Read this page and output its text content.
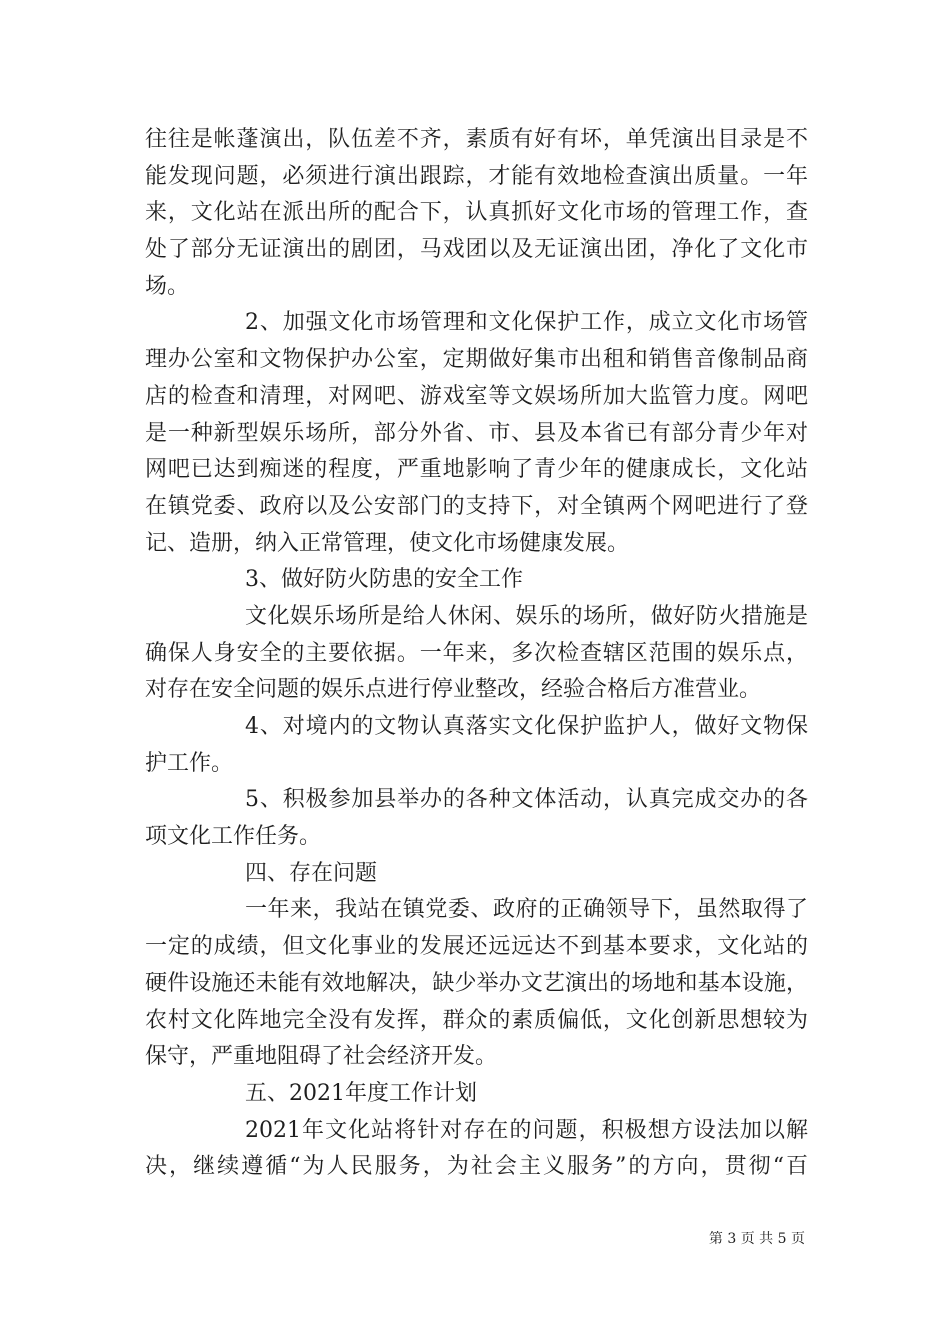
往往是帐蓬演出，队伍差不齐，素质有好有坏，单凭演出目录是不
能发现问题，必须进行演出跟踪，才能有效地检查演出质量。一年
来，文化站在派出所的配合下，认真抓好文化市场的管理工作，查
处了部分无证演出的剧团，马戏团以及无证演出团，净化了文化市
场。
2、加强文化市场管理和文化保护工作，成立文化市场管
理办公室和文物保护办公室，定期做好集市出租和销售音像制品商
店的检查和清理，对网吧、游戏室等文娱场所加大监管力度。网吧
是一种新型娱乐场所，部分外省、市、县及本省已有部分青少年对
网吧已达到痴迷的程度，严重地影响了青少年的健康成长，文化站
在镇党委、政府以及公安部门的支持下，对全镇两个网吧进行了登
记、造册，纳入正常管理，使文化市场健康发展。
3、做好防火防患的安全工作
文化娱乐场所是给人休闲、娱乐的场所，做好防火措施是
确保人身安全的主要依据。一年来，多次检查辖区范围的娱乐点，
对存在安全问题的娱乐点进行停业整改，经验合格后方准营业。
4、对境内的文物认真落实文化保护监护人，做好文物保
护工作。
5、积极参加县举办的各种文体活动，认真完成交办的各
项文化工作任务。
四、存在问题
一年来，我站在镇党委、政府的正确领导下，虽然取得了
一定的成绩，但文化事业的发展还远远达不到基本要求，文化站的
硬件设施还未能有效地解决，缺少举办文艺演出的场地和基本设施，
农村文化阵地完全没有发挥，群众的素质偏低，文化创新思想较为
保守，严重地阻碍了社会经济开发。
五、2021年度工作计划
2021年文化站将针对存在的问题，积极想方设法加以解
决，继续遵循“为人民服务，为社会主义服务”的方向，贯彻“百
第 3 页 共 5 页
